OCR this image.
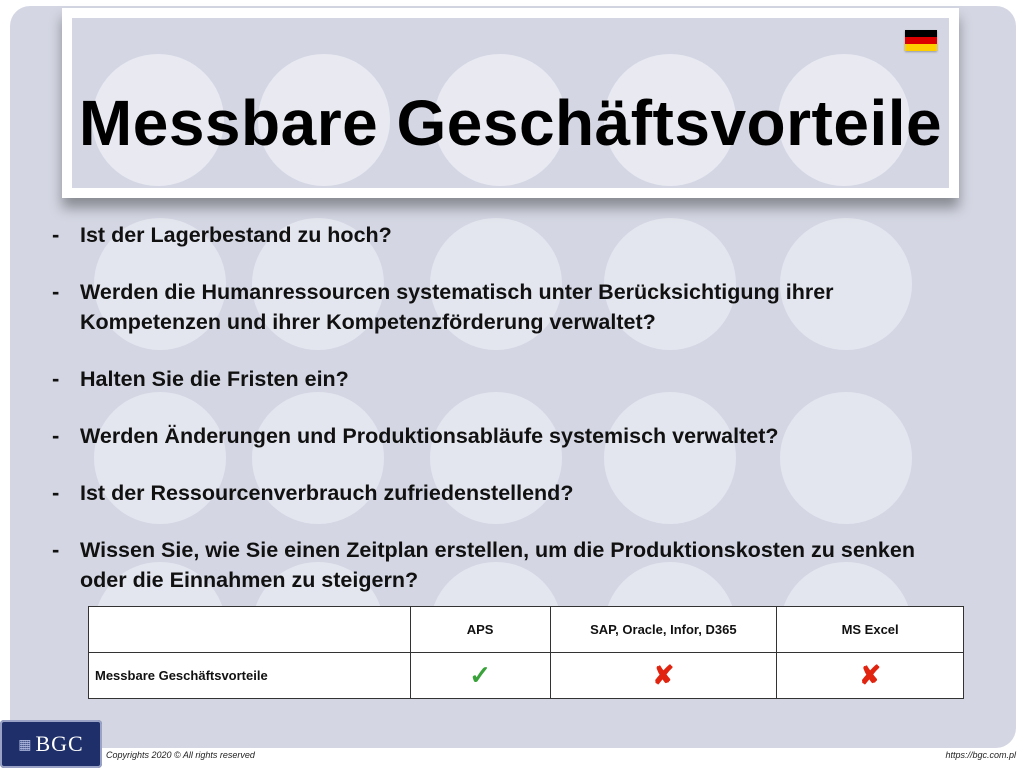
Messbare Geschäftsvorteile
- Ist der Lagerbestand zu hoch?
- Werden die Humanressourcen systematisch unter Berücksichtigung ihrer Kompetenzen und ihrer Kompetenzförderung verwaltet?
- Halten Sie die Fristen ein?
- Werden Änderungen und Produktionsabläufe systemisch verwaltet?
- Ist der Ressourcenverbrauch zufriedenstellend?
- Wissen Sie, wie Sie einen Zeitplan erstellen, um die Produktionskosten zu senken oder die Einnahmen zu steigern?
	APS	SAP, Oracle, Infor, D365	MS Excel
Messbare Geschäftsvorteile	✓	✘	✘
▦ BGC Copyrights 2020 © All rights reserved	https://bgc.com.pl
